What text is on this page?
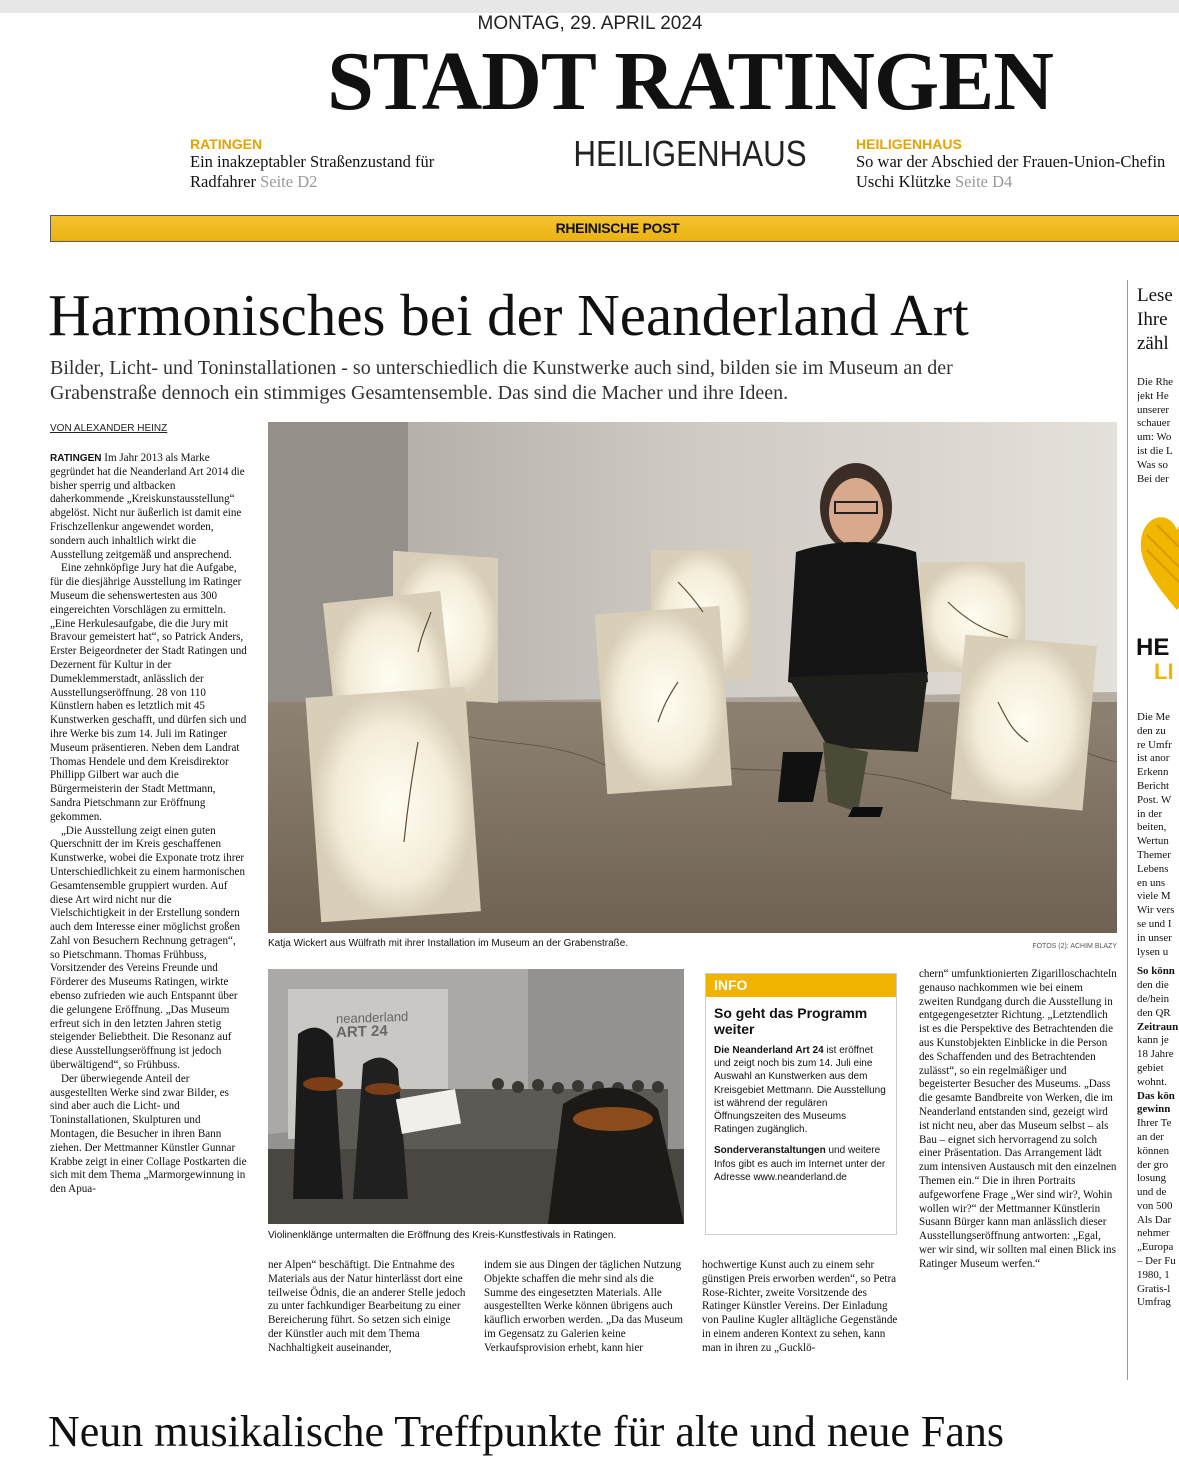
MONTAG, 29. APRIL 2024
STADT RATINGEN
HEILIGENHAUS
RATINGEN
Ein inakzeptabler Straßenzustand für
Radfahrer Seite D2
HEILIGENHAUS
So war der Abschied der Frauen-Union-Chefin
Uschi Klützke Seite D4
RHEINISCHE POST
Harmonisches bei der Neanderland Art
Bilder, Licht- und Toninstallationen - so unterschiedlich die Kunstwerke auch sind, bilden sie im Museum an der
Grabenstraße dennoch ein stimmiges Gesamtensemble. Das sind die Macher und ihre Ideen.
VON ALEXANDER HEINZ

RATINGEN Im Jahr 2013 als Marke gegründet hat die Neanderland Art 2014 die bisher sperrig und altbacken daherkommende „Kreiskunstausstellung“ abgelöst. Nicht nur äußerlich ist damit eine Frischzellenkur angewendet worden, sondern auch inhaltlich wirkt die Ausstellung zeitgemäß und ansprechend.

Eine zehnköpfige Jury hat die Aufgabe, für die diesjährige Ausstellung im Ratinger Museum die sehenswertesten aus 300 eingereichten Vorschlägen zu ermitteln. „Eine Herkulesaufgabe, die die Jury mit Bravour gemeistert hat“, so Patrick Anders, Erster Beigeordneter der Stadt Ratingen und Dezernent für Kultur in der Dumeklemmerstadt, anlässlich der Ausstellungseröffnung. 28 von 110 Künstlern haben es letztlich mit 45 Kunstwerken geschafft, und dürfen sich und ihre Werke bis zum 14. Juli im Ratinger Museum präsentieren. Neben dem Landrat Thomas Hendele und dem Kreisdirektor Phillipp Gilbert war auch die Bürgermeisterin der Stadt Mettmann, Sandra Pietschmann zur Eröffnung gekommen.

„Die Ausstellung zeigt einen guten Querschnitt der im Kreis geschaffenen Kunstwerke, wobei die Exponate trotz ihrer Unterschiedlichkeit zu einem harmonischen Gesamtensemble gruppiert wurden. Auf diese Art wird nicht nur die Vielschichtigkeit in der Erstellung sondern auch dem Interesse einer möglichst großen Zahl von Besuchern Rechnung getragen“, so Pietschmann. Thomas Frühbuss, Vorsitzender des Vereins Freunde und Förderer des Museums Ratingen, wirkte ebenso zufrieden wie auch Entspannt über die gelungene Eröffnung. „Das Museum erfreut sich in den letzten Jahren stetig steigender Beliebtheit. Die Resonanz auf diese Ausstellungseröffnung ist jedoch überwältigend“, so Frühbuss.

Der überwiegende Anteil der ausgestellten Werke sind zwar Bilder, es sind aber auch die Licht- und Toninstallationen, Skulpturen und Montagen, die Besucher in ihren Bann ziehen. Der Mettmanner Künstler Gunnar Krabbe zeigt in einer Collage Postkarten die sich mit dem Thema „Marmorgewinnung in den Apua-

Katja Wickert aus Wülfrath mit ihrer Installation im Museum an der Grabenstraße.	FOTOS (2): ACHIM BLAZY
neanderland
ART 24
Violinenklänge untermalten die Eröffnung des Kreis-Kunstfestivals in Ratingen.
INFO
So geht das Programm weiter
Die Neanderland Art 24 ist eröffnet und zeigt noch bis zum 14. Juli eine Auswahl an Kunstwerken aus dem Kreisgebiet Mettmann. Die Ausstellung ist während der regulären Öffnungszeiten des Museums Ratingen zugänglich.
Sonderveranstaltungen und weitere Infos gibt es auch im Internet unter der Adresse www.neanderland.de
ner Alpen“ beschäftigt. Die Entnahme des Materials aus der Natur hinterlässt dort eine teilweise Ödnis, die an anderer Stelle jedoch zu unter fachkundiger Bearbeitung zu einer Bereicherung führt. So setzen sich einige der Künstler auch mit dem Thema Nachhaltigkeit auseinander,
indem sie aus Dingen der täglichen Nutzung Objekte schaffen die mehr sind als die Summe des eingesetzten Materials. Alle ausgestellten Werke können übrigens auch käuflich erworben werden. „Da das Museum im Gegensatz zu Galerien keine Verkaufsprovision erhebt, kann hier
hochwertige Kunst auch zu einem sehr günstigen Preis erworben werden“, so Petra Rose-Richter, zweite Vorsitzende des Ratinger Künstler Vereins. Der Einladung von Pauline Kugler alltägliche Gegenstände in einem anderen Kontext zu sehen, kann man in ihren zu „Gucklö-
chern“ umfunktionierten Zigarilloschachteln genauso nachkommen wie bei einem zweiten Rundgang durch die Ausstellung in entgegengesetzter Richtung. „Letztendlich ist es die Perspektive des Betrachtenden die aus Kunstobjekten Einblicke in die Person des Schaffenden und des Betrachtenden zulässt“, so ein regelmäßiger und begeisterter Besucher des Museums. „Dass die gesamte Bandbreite von Werken, die im Neanderland entstanden sind, gezeigt wird ist nicht neu, aber das Museum selbst – als Bau – eignet sich hervorragend zu solch einer Präsentation. Das Arrangement lädt zum intensiven Austausch mit den einzelnen Themen ein.“ Die in ihren Portraits aufgeworfene Frage „Wer sind wir?, Wohin wollen wir?“ der Mettmanner Künstlerin Susann Bürger kann man anlässlich dieser Ausstellungseröffnung antworten: „Egal, wer wir sind, wir sollten mal einen Blick ins Ratinger Museum werfen.“
Lese
Ihre
zähl
Die Rhe
jekt He
unserer
schauer
um: Wo
ist die L
Was so
Bei der
HE
LI
Die Me
den zu
re Umfr
ist anor
Erkenn
Bericht
Post. W
in der
beiten,
Wertun
Themer
Lebens
en uns
viele M
Wir vers
se und I
in unser
lysen u
So könn
den die
de/hein
den QR
Zeitraun
kann je
18 Jahre
gebiet
wohnt.
Das kön
gewinn
Ihrer Te
an der
können
der gro
losung
und de
von 500
Als Dar
nehmer
„Europa
– Der Fu
1980, 1
Gratis-l
Umfrag
Neun musikalische Treffpunkte für alte und neue Fans
